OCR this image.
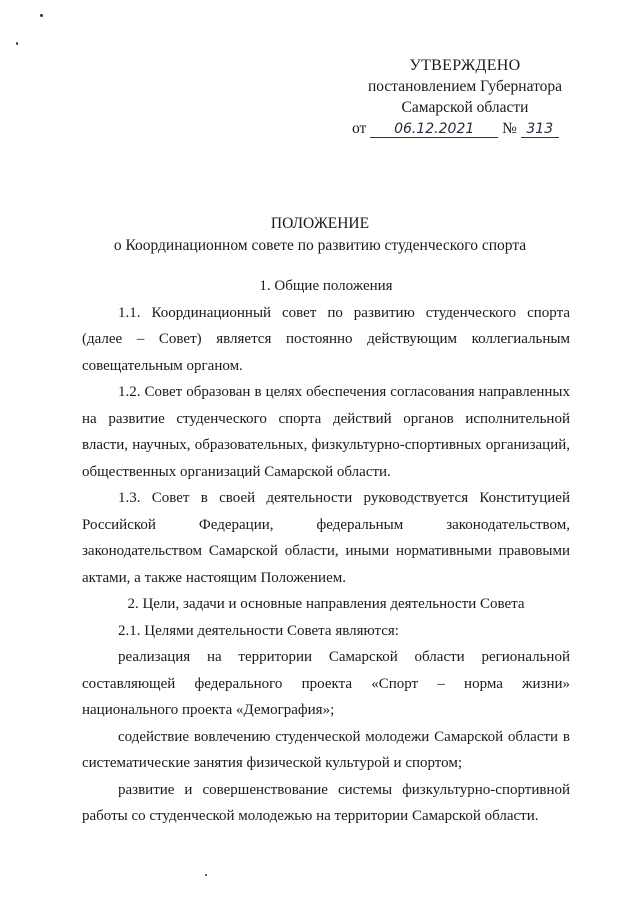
УТВЕРЖДЕНО
постановлением Губернатора
Самарской области
от 06.12.2021 № 313
ПОЛОЖЕНИЕ
о Координационном совете по развитию студенческого спорта

1. Общие положения

1.1. Координационный совет по развитию студенческого спорта (далее – Совет) является постоянно действующим коллегиальным совещательным органом.

1.2. Совет образован в целях обеспечения согласования направленных на развитие студенческого спорта действий органов исполнительной власти, научных, образовательных, физкультурно-спортивных организаций, общественных организаций Самарской области.

1.3. Совет в своей деятельности руководствуется Конституцией Российской Федерации, федеральным законодательством, законодательством Самарской области, иными нормативными правовыми актами, а также настоящим Положением.

2. Цели, задачи и основные направления деятельности Совета

2.1. Целями деятельности Совета являются:

реализация на территории Самарской области региональной составляющей федерального проекта «Спорт – норма жизни» национального проекта «Демография»;

содействие вовлечению студенческой молодежи Самарской области в систематические занятия физической культурой и спортом;

развитие и совершенствование системы физкультурно-спортивной работы со студенческой молодежью на территории Самарской области.
